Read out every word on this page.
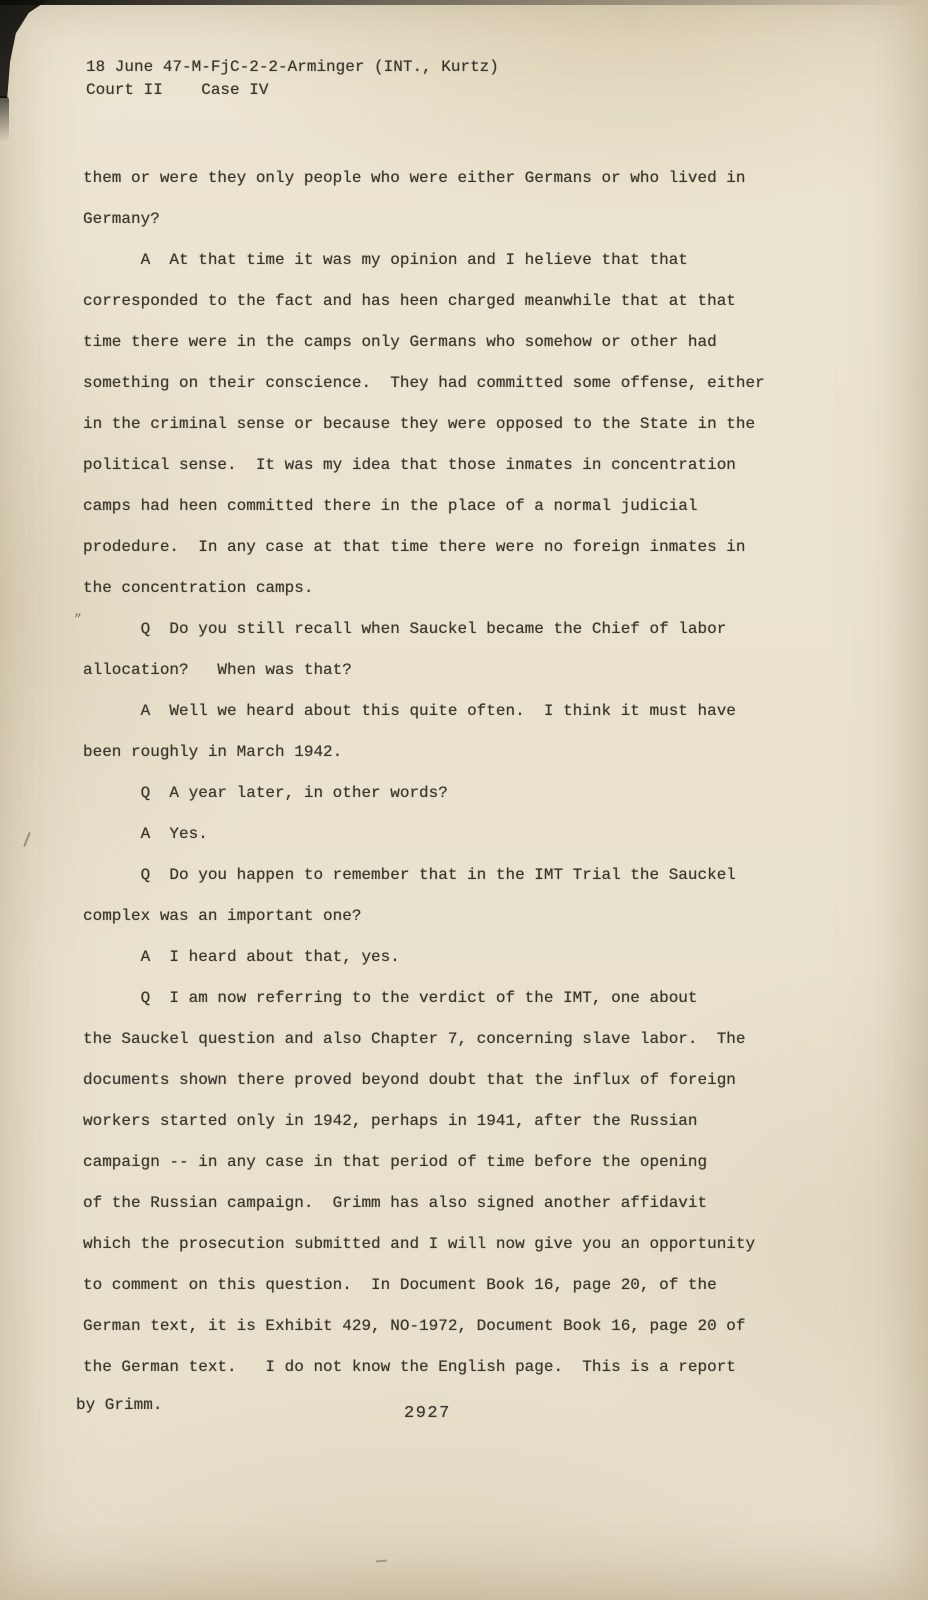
”
18 June 47-M-FjC-2-2-Arminger (INT., Kurtz)
Court II    Case IV
them or were they only people who were either Germans or who lived in
Germany?
A  At that time it was my opinion and I helieve that that
corresponded to the fact and has heen charged meanwhile that at that
time there were in the camps only Germans who somehow or other had
something on their conscience.  They had committed some offense, either
in the criminal sense or because they were opposed to the State in the
political sense.  It was my idea that those inmates in concentration
camps had heen committed there in the place of a normal judicial
prodedure.  In any case at that time there were no foreign inmates in
the concentration camps.
Q  Do you still recall when Sauckel became the Chief of labor
allocation?   When was that?
A  Well we heard about this quite often.  I think it must have
been roughly in March 1942.
Q  A year later, in other words?
A  Yes.
Q  Do you happen to remember that in the IMT Trial the Sauckel
complex was an important one?
A  I heard about that, yes.
Q  I am now referring to the verdict of the IMT, one about
the Sauckel question and also Chapter 7, concerning slave labor.  The
documents shown there proved beyond doubt that the influx of foreign
workers started only in 1942, perhaps in 1941, after the Russian
campaign -- in any case in that period of time before the opening
of the Russian campaign.  Grimm has also signed another affidavit
which the prosecution submitted and I will now give you an opportunity
to comment on this question.  In Document Book 16, page 20, of the
German text, it is Exhibit 429, NO-1972, Document Book 16, page 20 of
the German text.   I do not know the English page.  This is a report
by Grimm.	2927
